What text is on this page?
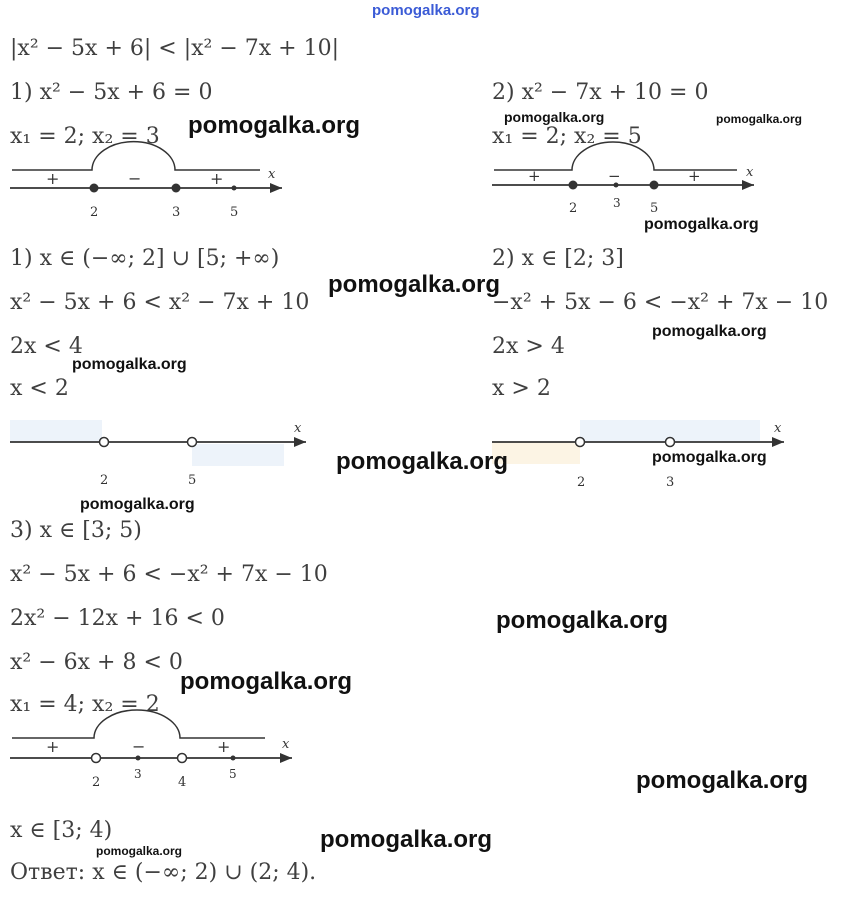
pomogalka.org
|x² − 5x + 6| < |x² − 7x + 10|
1) x² − 5x + 6 = 0
x₁ = 2; x₂ = 3
2) x² − 7x + 10 = 0
x₁ = 2; x₂ = 5
1) x ∈ (−∞; 2] ∪ [5; +∞)
x² − 5x + 6 < x² − 7x + 10
2x < 4
x < 2
2) x ∈ [2; 3]
−x² + 5x − 6 < −x² + 7x − 10
2x > 4
x > 2
3) x ∈ [3; 5)
x² − 5x + 6 < −x² + 7x − 10
2x² − 12x + 16 < 0
x² − 6x + 8 < 0
x₁ = 4; x₂ = 2
x ∈ [3; 4)
Ответ: x ∈ (−∞; 2) ∪ (2; 4).
+	−	+	x
2	3	5
+	−	+	x
2	3 5
x
2	5
x
2	3
+	−	+	x
2
3
4
5
pomogalka.org	pomogalka.org	pomogalka.org
pomogalka.org
pomogalka.org
pomogalka.org
pomogalka.org
pomogalka.org	pomogalka.org
pomogalka.org
pomogalka.org
pomogalka.org
pomogalka.org
pomogalka.org
pomogalka.org
